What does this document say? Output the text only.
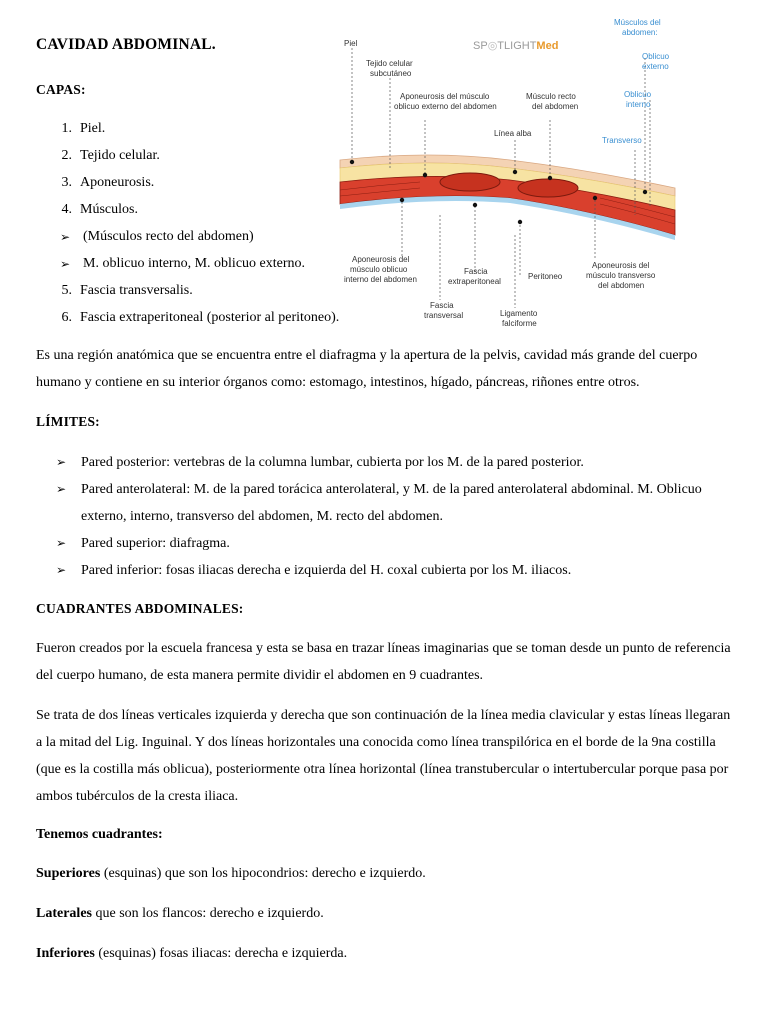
CAVIDAD ABDOMINAL.
CAPAS:
1. Piel.
2. Tejido celular.
3. Aponeurosis.
4. Músculos.
➢ (Músculos recto del abdomen)
➢ M. oblicuo interno, M. oblicuo externo.
5. Fascia transversalis.
6. Fascia extraperitoneal (posterior al peritoneo).
SP◎TLIGHTMed
Piel
Tejido celular
subcutáneo
Aponeurosis del músculo
oblicuo externo del abdomen
Músculo recto
del abdomen
Músculos del
abdomen:
Oblicuo
externo
Línea alba
Oblicuo
interno
Transverso
Aponeurosis del
músculo oblicuo
interno del abdomen
Fascia
extraperitoneal
Peritoneo
Aponeurosis del
músculo transverso
del abdomen
Fascia
transversal	Ligamento
falciforme
Es una región anatómica que se encuentra entre el diafragma y la apertura de la pelvis, cavidad más grande del cuerpo humano y contiene en su interior órganos como: estomago, intestinos, hígado, páncreas, riñones entre otros.
LÍMITES:
➢ Pared posterior: vertebras de la columna lumbar, cubierta por los M. de la pared posterior.
➢ Pared anterolateral: M. de la pared torácica anterolateral, y M. de la pared anterolateral abdominal. M. Oblicuo externo, interno, transverso del abdomen, M. recto del abdomen.
➢ Pared superior: diafragma.
➢ Pared inferior: fosas iliacas derecha e izquierda del H. coxal cubierta por los M. iliacos.
CUADRANTES ABDOMINALES:
Fueron creados por la escuela francesa y esta se basa en trazar líneas imaginarias que se toman desde un punto de referencia del cuerpo humano, de esta manera permite dividir el abdomen en 9 cuadrantes.
Se trata de dos líneas verticales izquierda y derecha que son continuación de la línea media clavicular y estas líneas llegaran a la mitad del Lig. Inguinal. Y dos líneas horizontales una conocida como línea transpilórica en el borde de la 9na costilla (que es la costilla más oblicua), posteriormente otra línea horizontal (línea transtubercular o intertubercular porque pasa por ambos tubérculos de la cresta iliaca.
Tenemos cuadrantes:
Superiores (esquinas) que son los hipocondrios: derecho e izquierdo.
Laterales que son los flancos: derecho e izquierdo.
Inferiores (esquinas) fosas iliacas: derecha e izquierda.
